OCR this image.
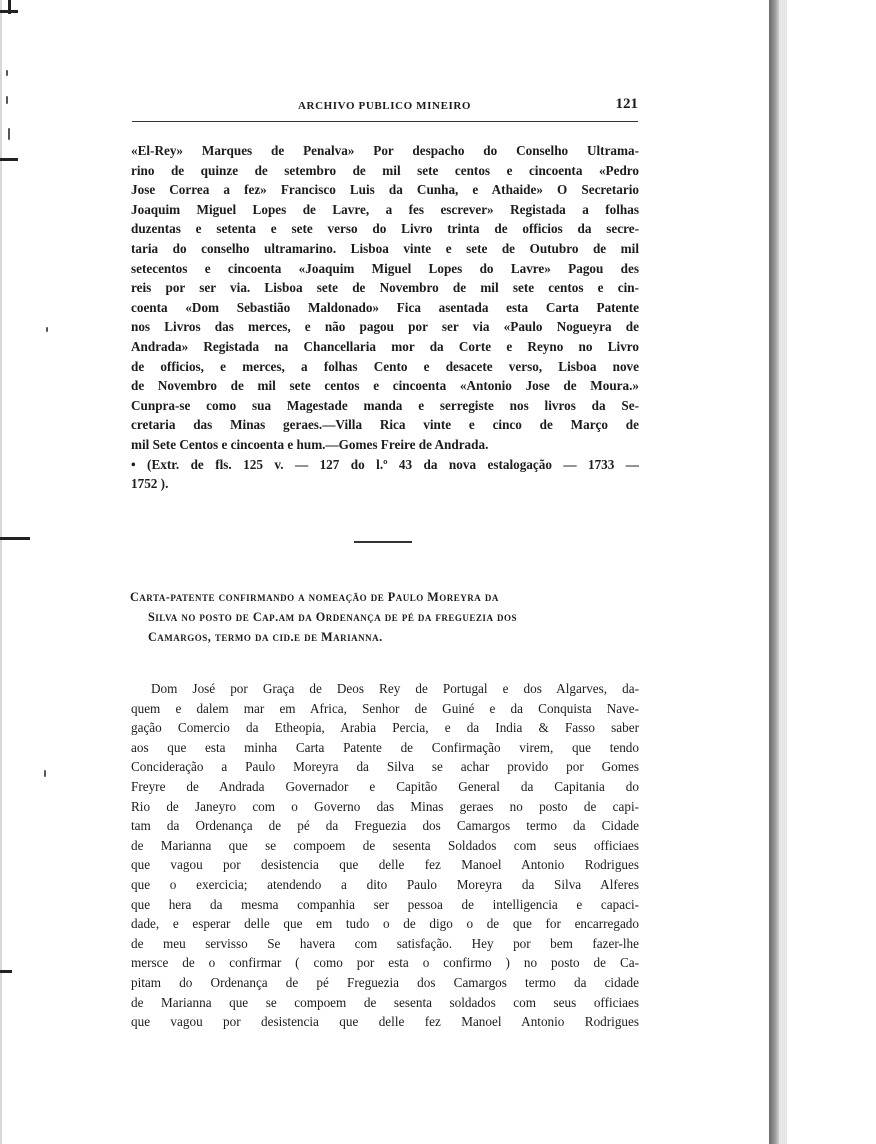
ARCHIVO PUBLICO MINEIRO	121
«El-Rey» Marques de Penalva» Por despacho do Conselho Ultrama-
rino de quinze de setembro de mil sete centos e cincoenta «Pedro
Jose Correa a fez» Francisco Luis da Cunha, e Athaide» O Secretario
Joaquim Miguel Lopes de Lavre, a fes escrever» Registada a folhas
duzentas e setenta e sete verso do Livro trinta de officios da secre-
taria do conselho ultramarino. Lisboa vinte e sete de Outubro de mil
setecentos e cincoenta «Joaquim Miguel Lopes do Lavre» Pagou des
reis por ser via. Lisboa sete de Novembro de mil sete centos e cin-
coenta «Dom Sebastião Maldonado» Fica asentada esta Carta Patente
nos Livros das merces, e não pagou por ser via «Paulo Nogueyra de
Andrada» Registada na Chancellaria mor da Corte e Reyno no Livro
de officios, e merces, a folhas Cento e desacete verso, Lisboa nove
de Novembro de mil sete centos e cincoenta «Antonio Jose de Moura.»
Cunpra-se como sua Magestade manda e serregiste nos livros da Se-
cretaria das Minas geraes.—Villa Rica vinte e cinco de Março de
mil Sete Centos e cincoenta e hum.—Gomes Freire de Andrada.
• (Extr. de fls. 125 v. — 127 do l.º 43 da nova estalogação — 1733 —
1752 ).
Carta-patente confirmando a nomeação de Paulo Moreyra da
Silva no posto de Cap.am da Ordenança de pé da freguezia dos
Camargos, termo da cid.e de Marianna.
Dom José por Graça de Deos Rey de Portugal e dos Algarves, da-
quem e dalem mar em Africa, Senhor de Guiné e da Conquista Nave-
gação Comercio da Etheopia, Arabia Percia, e da India & Fasso saber
aos que esta minha Carta Patente de Confirmação virem, que tendo
Concideração a Paulo Moreyra da Silva se achar provido por Gomes
Freyre de Andrada Governador e Capitão General da Capitania do
Rio de Janeyro com o Governo das Minas geraes no posto de capi-
tam da Ordenança de pé da Freguezia dos Camargos termo da Cidade
de Marianna que se compoem de sesenta Soldados com seus officiaes
que vagou por desistencia que delle fez Manoel Antonio Rodrigues
que o exercicia; atendendo a dito Paulo Moreyra da Silva Alferes
que hera da mesma companhia ser pessoa de intelligencia e capaci-
dade, e esperar delle que em tudo o de digo o de que for encarregado
de meu servisso Se havera com satisfação. Hey por bem fazer-lhe
mersce de o confirmar ( como por esta o confirmo ) no posto de Ca-
pitam do Ordenança de pé Freguezia dos Camargos termo da cidade
de Marianna que se compoem de sesenta soldados com seus officiaes
que vagou por desistencia que delle fez Manoel Antonio Rodrigues
